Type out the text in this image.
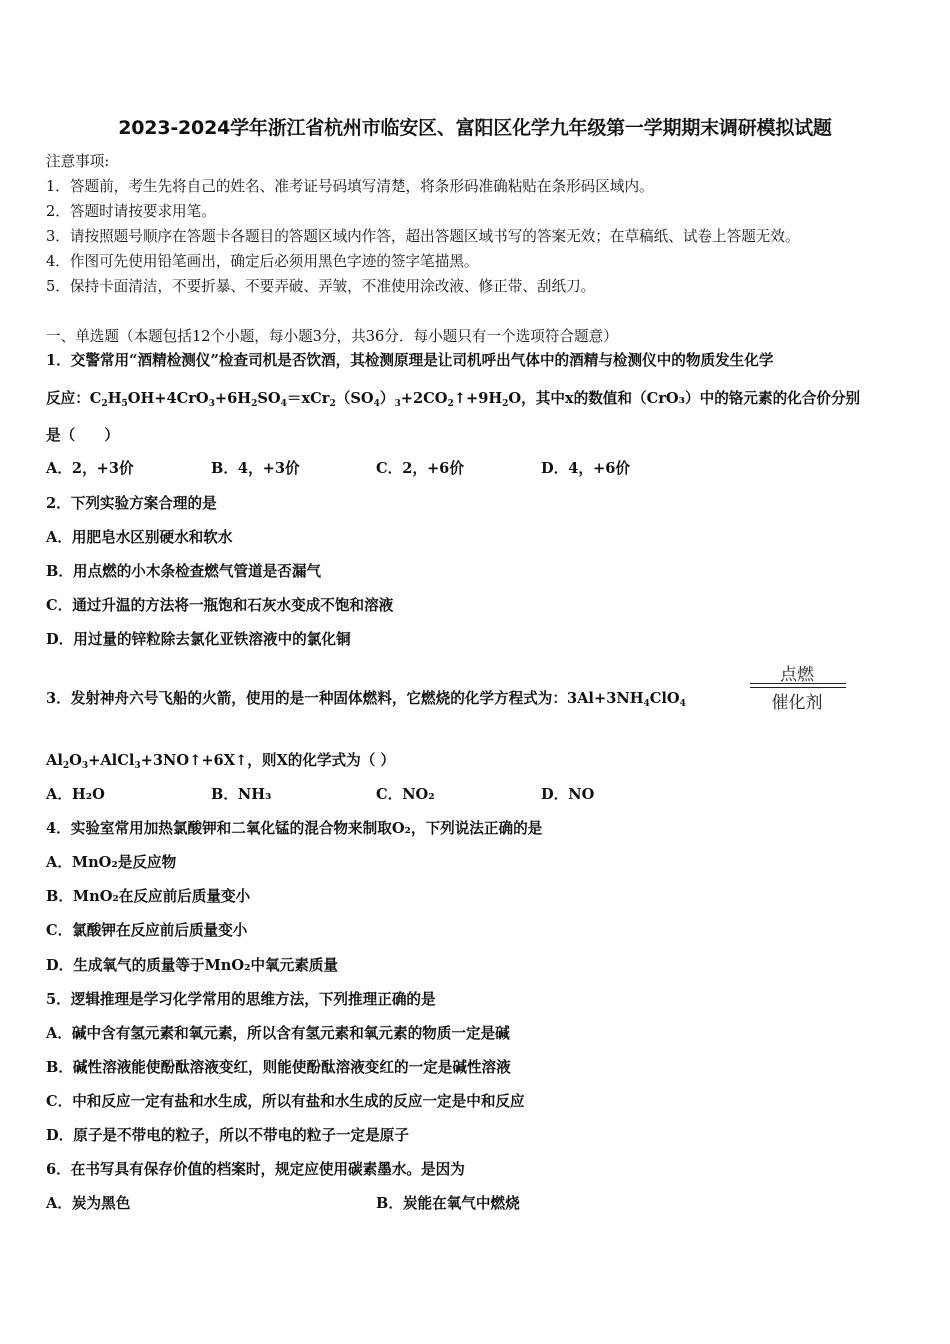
2023-2024学年浙江省杭州市临安区、富阳区化学九年级第一学期期末调研模拟试题
注意事项:
1．答题前，考生先将自己的姓名、准考证号码填写清楚，将条形码准确粘贴在条形码区域内。
2．答题时请按要求用笔。
3．请按照题号顺序在答题卡各题目的答题区域内作答，超出答题区域书写的答案无效；在草稿纸、试卷上答题无效。
4．作图可先使用铅笔画出，确定后必须用黑色字迹的签字笔描黑。
5．保持卡面清洁，不要折暴、不要弄破、弄皱，不准使用涂改液、修正带、刮纸刀。
一、单选题（本题包括12个小题，每小题3分，共36分．每小题只有一个选项符合题意）
1．交警常用“酒精检测仪”检查司机是否饮酒，其检测原理是让司机呼出气体中的酒精与检测仪中的物质发生化学
反应：$C_2H_5OH+4CrO_3+6H_2SO_4=xCr_2(SO_4)_3+2CO_2↑+9H_2O$，其中x的数值和（CrO₃）中的铬元素的化合价分别
是（　　）
A．2，+3价	B．4，+3价	C．2，+6价	D．4，+6价
2．下列实验方案合理的是
A．用肥皂水区别硬水和软水
B．用点燃的小木条检查燃气管道是否漏气
C．通过升温的方法将一瓶饱和石灰水变成不饱和溶液
D．用过量的锌粒除去氯化亚铁溶液中的氯化铜
3．发射神舟六号飞船的火箭，使用的是一种固体燃料，它燃烧的化学方程式为：$3Al+3NH_4ClO_4$
点燃
催化剂
$Al_2O_3+AlCl_3+3NO↑+6X↑$，则X的化学式为（ ）
A．H₂O	B．NH₃	C．NO₂	D．NO
4．实验室常用加热氯酸钾和二氧化锰的混合物来制取O₂，下列说法正确的是
A．MnO₂是反应物
B．MnO₂在反应前后质量变小
C．氯酸钾在反应前后质量变小
D．生成氧气的质量等于MnO₂中氧元素质量
5．逻辑推理是学习化学常用的思维方法，下列推理正确的是
A．碱中含有氢元素和氧元素，所以含有氢元素和氧元素的物质一定是碱
B．碱性溶液能使酚酞溶液变红，则能使酚酞溶液变红的一定是碱性溶液
C．中和反应一定有盐和水生成，所以有盐和水生成的反应一定是中和反应
D．原子是不带电的粒子，所以不带电的粒子一定是原子
6．在书写具有保存价值的档案时，规定应使用碳素墨水。是因为
A．炭为黑色	B．炭能在氧气中燃烧
